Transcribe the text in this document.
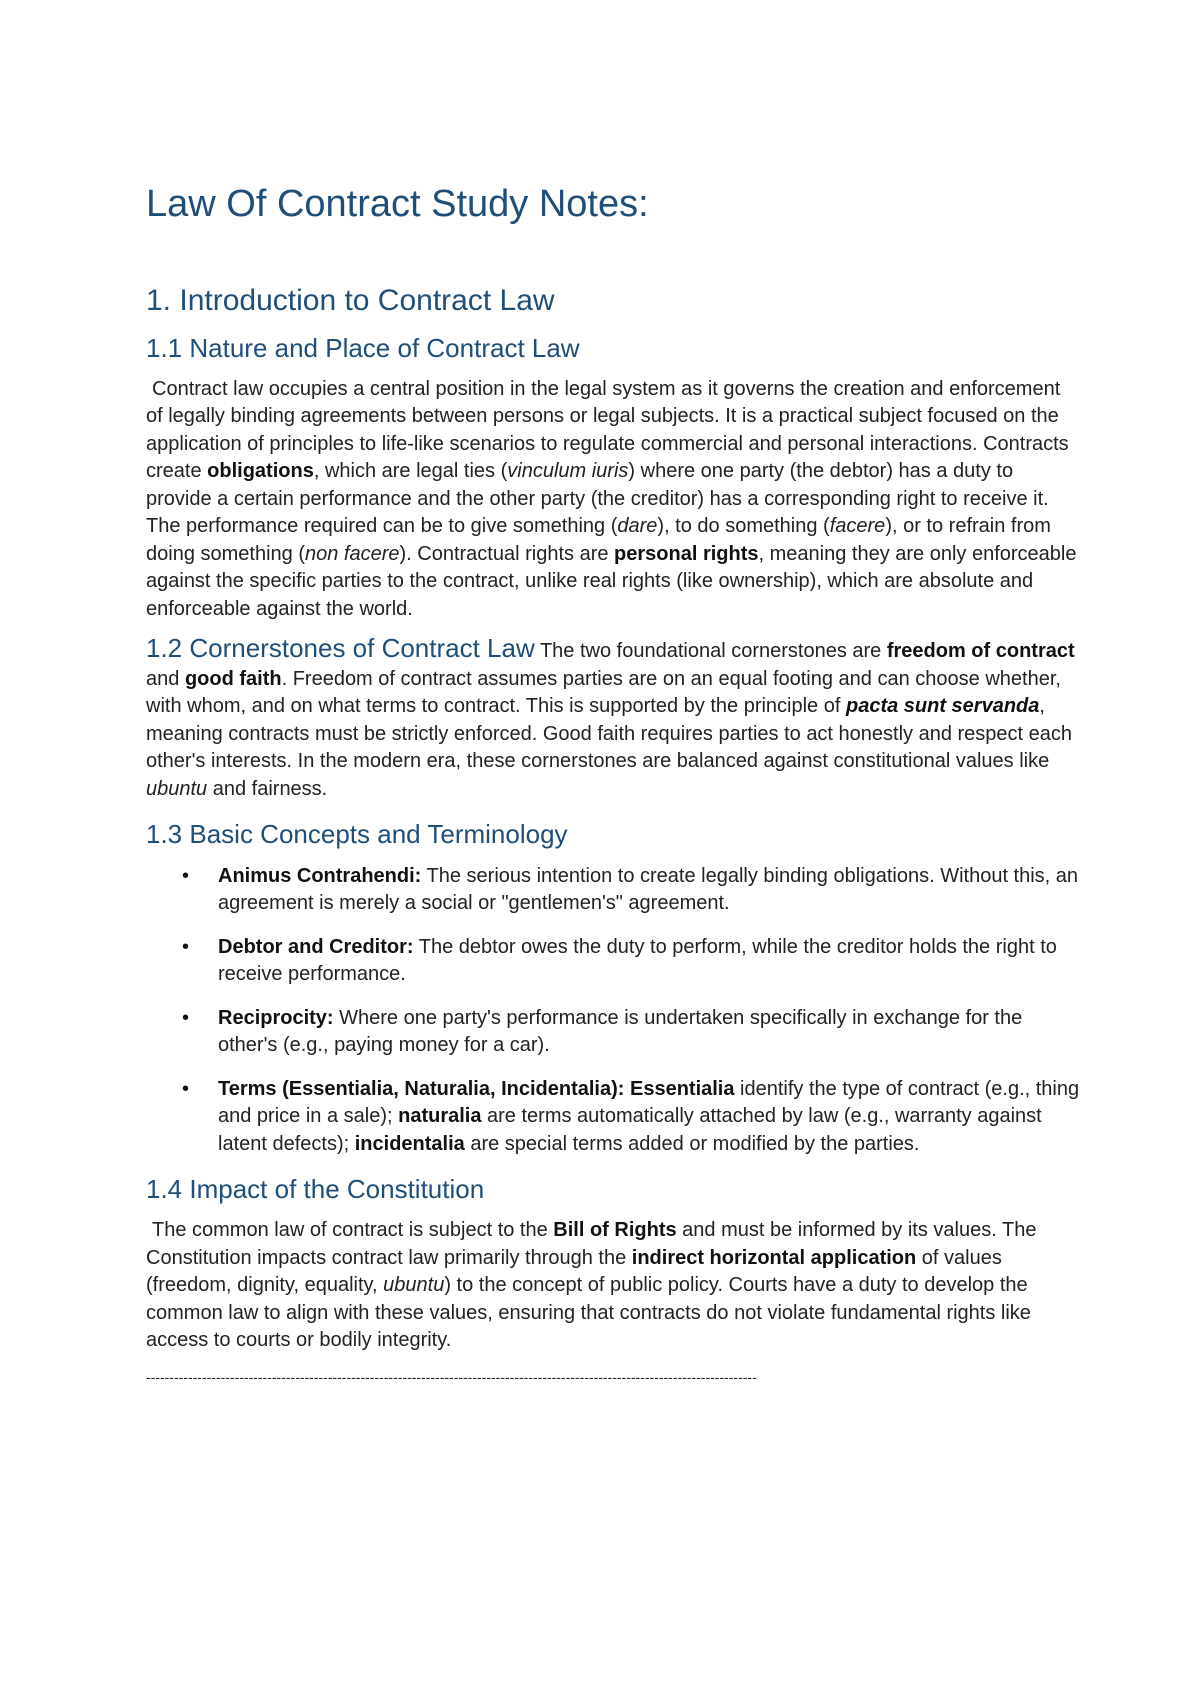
Law Of Contract Study Notes:
1. Introduction to Contract Law
1.1 Nature and Place of Contract Law

Contract law occupies a central position in the legal system as it governs the creation and enforcement of legally binding agreements between persons or legal subjects. It is a practical subject focused on the application of principles to life-like scenarios to regulate commercial and personal interactions. Contracts create obligations, which are legal ties (vinculum iuris) where one party (the debtor) has a duty to provide a certain performance and the other party (the creditor) has a corresponding right to receive it. The performance required can be to give something (dare), to do something (facere), or to refrain from doing something (non facere). Contractual rights are personal rights, meaning they are only enforceable against the specific parties to the contract, unlike real rights (like ownership), which are absolute and enforceable against the world.

1.2 Cornerstones of Contract Law The two foundational cornerstones are freedom of contract and good faith. Freedom of contract assumes parties are on an equal footing and can choose whether, with whom, and on what terms to contract. This is supported by the principle of pacta sunt servanda, meaning contracts must be strictly enforced. Good faith requires parties to act honestly and respect each other's interests. In the modern era, these cornerstones are balanced against constitutional values like ubuntu and fairness.

1.3 Basic Concepts and Terminology
• Animus Contrahendi: The serious intention to create legally binding obligations. Without this, an agreement is merely a social or "gentlemen's" agreement.
• Debtor and Creditor: The debtor owes the duty to perform, while the creditor holds the right to receive performance.
• Reciprocity: Where one party's performance is undertaken specifically in exchange for the other's (e.g., paying money for a car).
• Terms (Essentialia, Naturalia, Incidentalia): Essentialia identify the type of contract (e.g., thing and price in a sale); naturalia are terms automatically attached by law (e.g., warranty against latent defects); incidentalia are special terms added or modified by the parties.
1.4 Impact of the Constitution

The common law of contract is subject to the Bill of Rights and must be informed by its values. The Constitution impacts contract law primarily through the indirect horizontal application of values (freedom, dignity, equality, ubuntu) to the concept of public policy. Courts have a duty to develop the common law to align with these values, ensuring that contracts do not violate fundamental rights like access to courts or bodily integrity.

-----------------------------------------------------------------------------------------------------------------------------------
